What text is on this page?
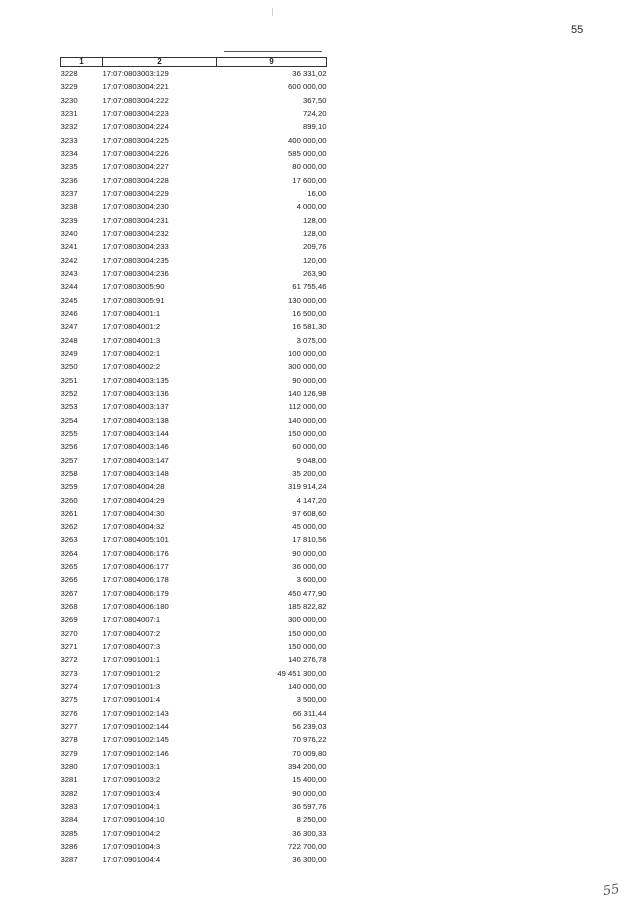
55
1	2	9
3228	17:07:0803003:129	36 331,02
3229	17:07:0803004:221	600 000,00
3230	17:07:0803004:222	367,50
3231	17:07:0803004:223	724,20
3232	17:07:0803004:224	899,10
3233	17:07:0803004:225	400 000,00
3234	17:07:0803004:226	585 000,00
3235	17:07:0803004:227	80 000,00
3236	17:07:0803004:228	17 600,00
3237	17:07:0803004:229	16,00
3238	17:07:0803004:230	4 000,00
3239	17:07:0803004:231	128,00
3240	17:07:0803004:232	128,00
3241	17:07:0803004:233	209,76
3242	17:07:0803004:235	120,00
3243	17:07:0803004:236	263,90
3244	17:07:0803005:90	61 755,46
3245	17:07:0803005:91	130 000,00
3246	17:07:0804001:1	16 500,00
3247	17:07:0804001:2	16 581,30
3248	17:07:0804001:3	3 075,00
3249	17:07:0804002:1	100 000,00
3250	17:07:0804002:2	300 000,00
3251	17:07:0804003:135	90 000,00
3252	17:07:0804003:136	140 126,98
3253	17:07:0804003:137	112 000,00
3254	17:07:0804003:138	140 000,00
3255	17:07:0804003:144	150 000,00
3256	17:07:0804003:146	60 000,00
3257	17:07:0804003:147	9 048,00
3258	17:07:0804003:148	35 200,00
3259	17:07:0804004:28	319 914,24
3260	17:07:0804004:29	4 147,20
3261	17:07:0804004:30	97 608,60
3262	17:07:0804004:32	45 000,00
3263	17:07:0804005:101	17 810,56
3264	17:07:0804006:176	90 000,00
3265	17:07:0804006:177	36 000,00
3266	17:07:0804006:178	3 600,00
3267	17:07:0804006:179	450 477,90
3268	17:07:0804006:180	185 822,82
3269	17:07:0804007:1	300 000,00
3270	17:07:0804007:2	150 000,00
3271	17:07:0804007:3	150 000,00
3272	17:07:0901001:1	140 276,78
3273	17:07:0901001:2	49 451 300,00
3274	17:07:0901001:3	140 000,00
3275	17:07:0901001:4	3 500,00
3276	17:07:0901002:143	66 311,44
3277	17:07:0901002:144	56 239,03
3278	17:07:0901002:145	70 976,22
3279	17:07:0901002:146	70 009,80
3280	17:07:0901003:1	394 200,00
3281	17:07:0901003:2	15 400,00
3282	17:07:0901003:4	90 000,00
3283	17:07:0901004:1	36 597,76
3284	17:07:0901004:10	8 250,00
3285	17:07:0901004:2	36 300,33
3286	17:07:0901004:3	722 700,00
3287	17:07:0901004:4	36 300,00
55
